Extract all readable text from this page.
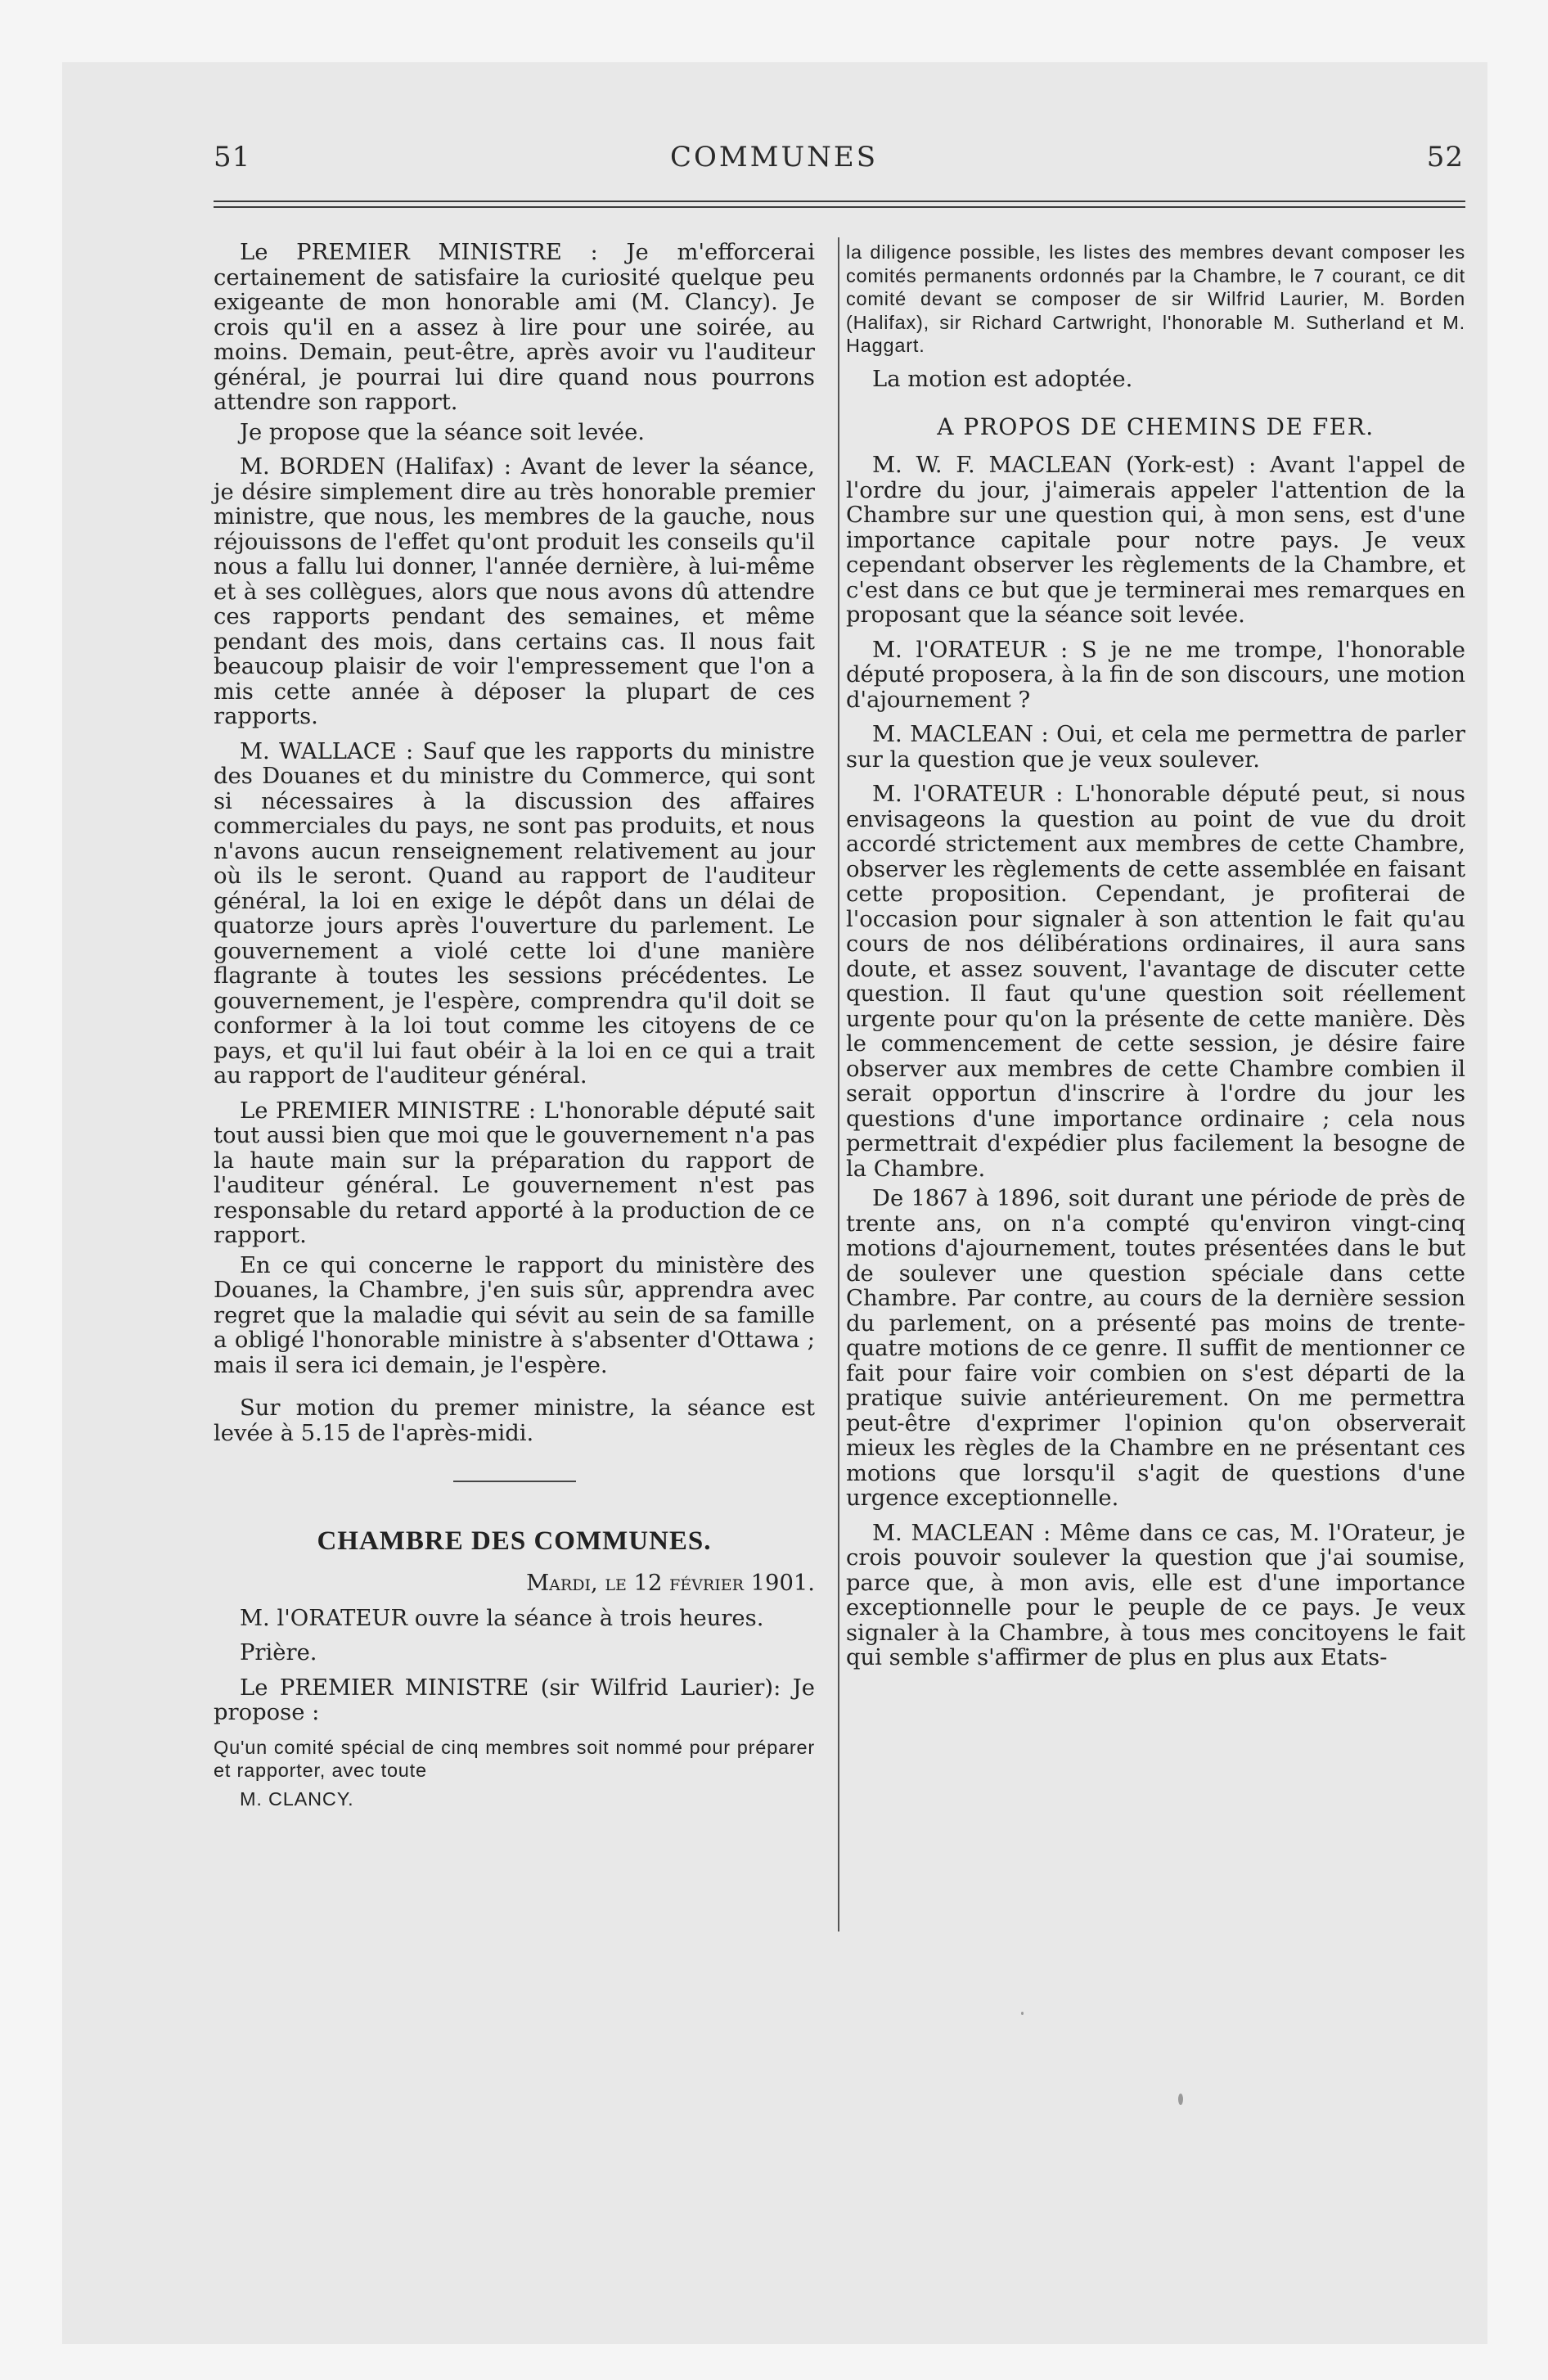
51	COMMUNES	52

Le PREMIER MINISTRE : Je m'efforcerai certainement de satisfaire la curiosité quelque peu exigeante de mon honorable ami (M. Clancy). Je crois qu'il en a assez à lire pour une soirée, au moins. Demain, peut-être, après avoir vu l'auditeur général, je pourrai lui dire quand nous pourrons attendre son rapport.

Je propose que la séance soit levée.

M. BORDEN (Halifax) : Avant de lever la séance, je désire simplement dire au très honorable premier ministre, que nous, les membres de la gauche, nous réjouissons de l'effet qu'ont produit les conseils qu'il nous a fallu lui donner, l'année dernière, à lui-même et à ses collègues, alors que nous avons dû attendre ces rapports pendant des semaines, et même pendant des mois, dans certains cas. Il nous fait beaucoup plaisir de voir l'empressement que l'on a mis cette année à déposer la plupart de ces rapports.

M. WALLACE : Sauf que les rapports du ministre des Douanes et du ministre du Commerce, qui sont si nécessaires à la discussion des affaires commerciales du pays, ne sont pas produits, et nous n'avons aucun renseignement relativement au jour où ils le seront. Quand au rapport de l'auditeur général, la loi en exige le dépôt dans un délai de quatorze jours après l'ouverture du parlement. Le gouvernement a violé cette loi d'une manière flagrante à toutes les sessions précédentes. Le gouvernement, je l'espère, comprendra qu'il doit se conformer à la loi tout comme les citoyens de ce pays, et qu'il lui faut obéir à la loi en ce qui a trait au rapport de l'auditeur général.

Le PREMIER MINISTRE : L'honorable député sait tout aussi bien que moi que le gouvernement n'a pas la haute main sur la préparation du rapport de l'auditeur général. Le gouvernement n'est pas responsable du retard apporté à la production de ce rapport.

En ce qui concerne le rapport du ministère des Douanes, la Chambre, j'en suis sûr, apprendra avec regret que la maladie qui sévit au sein de sa famille a obligé l'honorable ministre à s'absenter d'Ottawa ; mais il sera ici demain, je l'espère.

Sur motion du premer ministre, la séance est levée à 5.15 de l'après-midi.

CHAMBRE DES COMMUNES.

Mardi, le 12 février 1901.

M. l'ORATEUR ouvre la séance à trois heures.

Prière.

Le PREMIER MINISTRE (sir Wilfrid Laurier): Je propose :

Qu'un comité spécial de cinq membres soit nommé pour préparer et rapporter, avec toute

M. CLANCY.

la diligence possible, les listes des membres devant composer les comités permanents ordonnés par la Chambre, le 7 courant, ce dit comité devant se composer de sir Wilfrid Laurier, M. Borden (Halifax), sir Richard Cartwright, l'honorable M. Sutherland et M. Haggart.

La motion est adoptée.

A PROPOS DE CHEMINS DE FER.

M. W. F. MACLEAN (York-est) : Avant l'appel de l'ordre du jour, j'aimerais appeler l'attention de la Chambre sur une question qui, à mon sens, est d'une importance capitale pour notre pays. Je veux cependant observer les règlements de la Chambre, et c'est dans ce but que je terminerai mes remarques en proposant que la séance soit levée.

M. l'ORATEUR : S je ne me trompe, l'honorable député proposera, à la fin de son discours, une motion d'ajournement ?

M. MACLEAN : Oui, et cela me permettra de parler sur la question que je veux soulever.

M. l'ORATEUR : L'honorable député peut, si nous envisageons la question au point de vue du droit accordé strictement aux membres de cette Chambre, observer les règlements de cette assemblée en faisant cette proposition. Cependant, je profiterai de l'occasion pour signaler à son attention le fait qu'au cours de nos délibérations ordinaires, il aura sans doute, et assez souvent, l'avantage de discuter cette question. Il faut qu'une question soit réellement urgente pour qu'on la présente de cette manière. Dès le commencement de cette session, je désire faire observer aux membres de cette Chambre combien il serait opportun d'inscrire à l'ordre du jour les questions d'une importance ordinaire ; cela nous permettrait d'expédier plus facilement la besogne de la Chambre.

De 1867 à 1896, soit durant une période de près de trente ans, on n'a compté qu'environ vingt-cinq motions d'ajournement, toutes présentées dans le but de soulever une question spéciale dans cette Chambre. Par contre, au cours de la dernière session du parlement, on a présenté pas moins de trente-quatre motions de ce genre. Il suffit de mentionner ce fait pour faire voir combien on s'est départi de la pratique suivie antérieurement. On me permettra peut-être d'exprimer l'opinion qu'on observerait mieux les règles de la Chambre en ne présentant ces motions que lorsqu'il s'agit de questions d'une urgence exceptionnelle.

M. MACLEAN : Même dans ce cas, M. l'Orateur, je crois pouvoir soulever la question que j'ai soumise, parce que, à mon avis, elle est d'une importance exceptionnelle pour le peuple de ce pays. Je veux signaler à la Chambre, à tous mes concitoyens le fait qui semble s'affirmer de plus en plus aux Etats-
